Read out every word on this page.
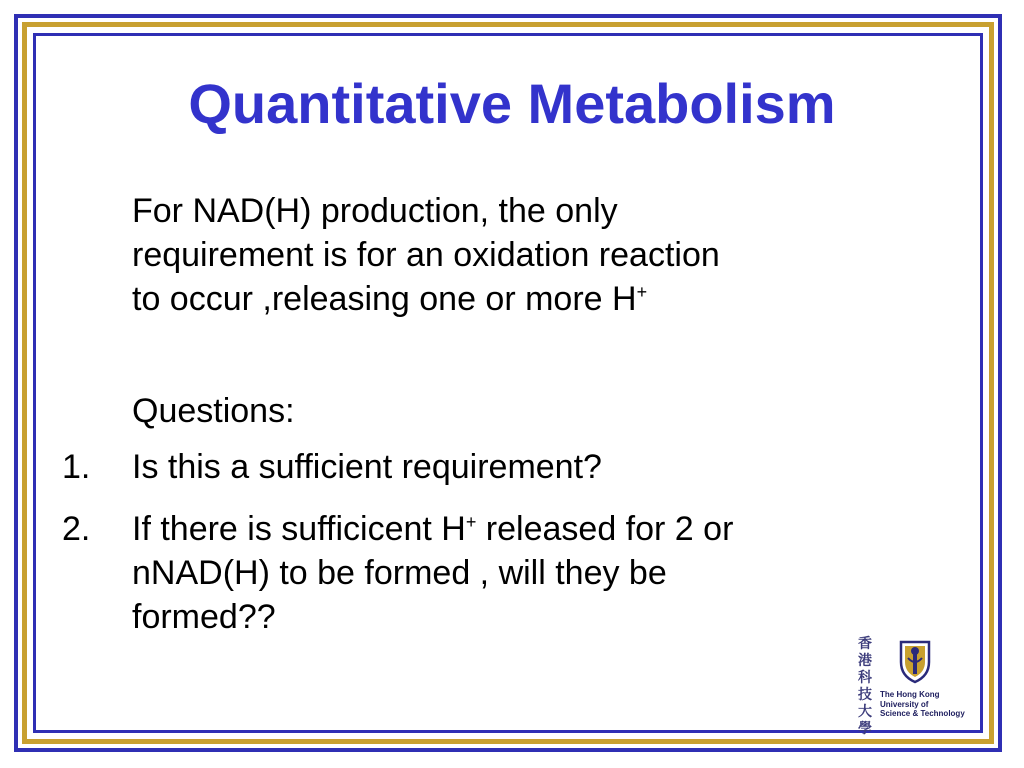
Quantitative Metabolism

For NAD(H) production, the only
requirement is for an oxidation reaction
to occur ,releasing one or more H+

Questions:

1. Is this a sufficient requirement?
2. If there is sufficicent H+ released for 2 or
nNAD(H) to be formed , will they be
formed??
香
港
科
技
大
學
The Hong Kong
University of
Science & Technology
